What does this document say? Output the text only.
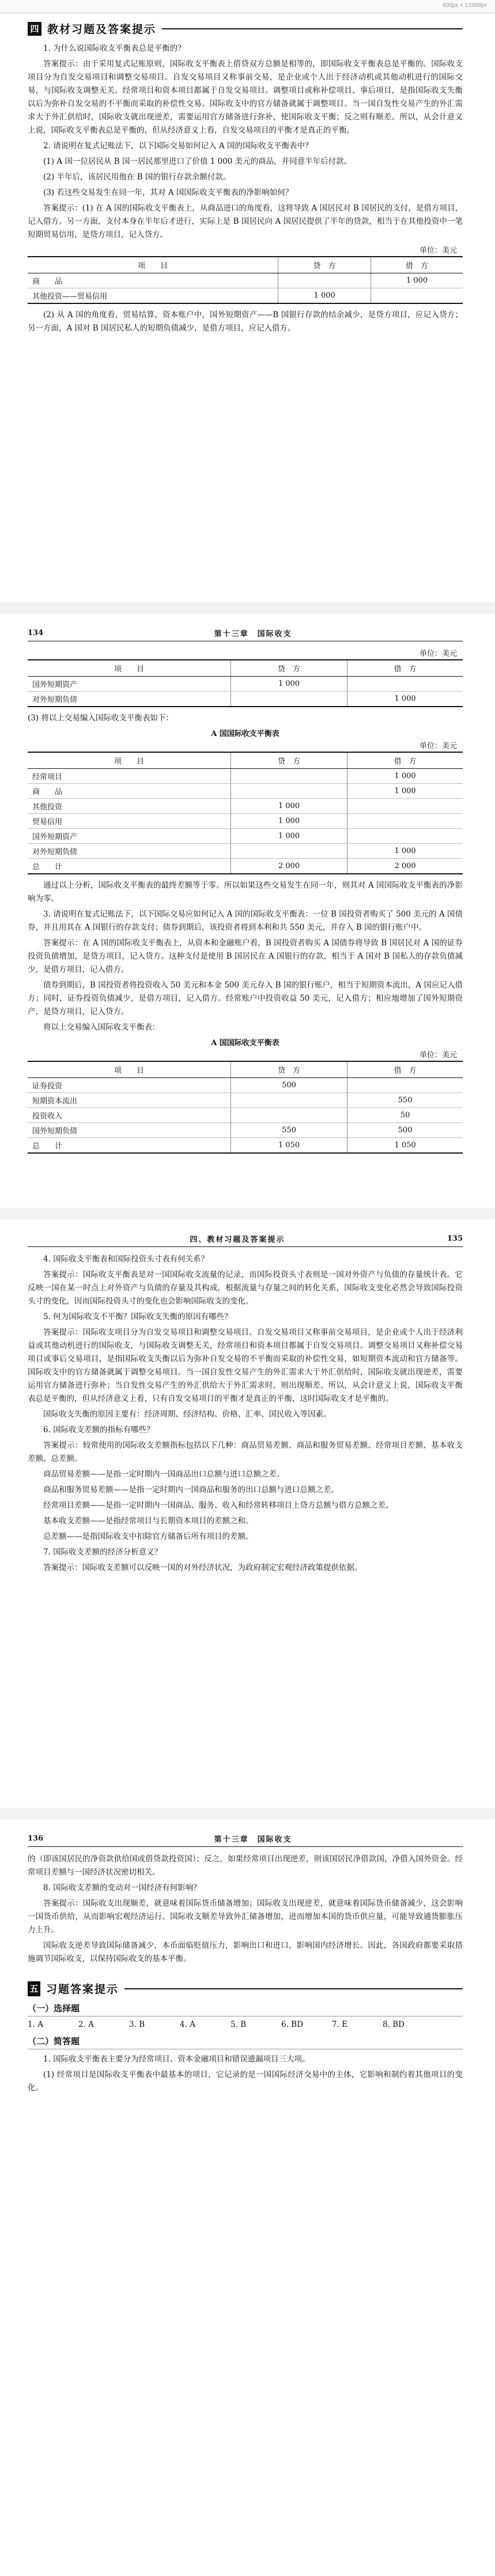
800px × 13399px
四 教材习题及答案提示

1. 为什么说国际收支平衡表总是平衡的？

答案提示：由于采用复式记账原则，国际收支平衡表上借贷双方总额是相等的，即国际收支平衡表总是平衡的。国际收支项目分为自发交易项目和调整交易项目。自发交易项目又称事前交易，是企业或个人出于经济动机或其他动机进行的国际交易，与国际收支调整无关。经常项目和资本项目都属于自发交易项目。调整项目或称补偿项目、事后项目，是指国际收支失衡以后为弥补自发交易的不平衡而采取的补偿性交易。国际收支中的官方储备就属于调整项目。当一国自发性交易产生的外汇需求大于外汇供给时，国际收支就出现逆差，需要运用官方储备进行弥补，使国际收支平衡；反之则有顺差。所以，从会计意义上说，国际收支平衡表总是平衡的，但从经济意义上看，自发交易项目的平衡才是真正的平衡。

2. 请说明在复式记账法下，以下国际交易如何记入 A 国的国际收支平衡表中？

(1) A 国一位居民从 B 国一居民那里进口了价值 1 000 美元的商品，并同意半年后付款。

(2) 半年后，该居民用他在 B 国的银行存款余额付款。

(3) 若这些交易发生在同一年，其对 A 国国际收支平衡表的净影响如何？

答案提示：(1) 在 A 国的国际收支平衡表上，从商品进口的角度看，这将导致 A 国居民对 B 国居民的支付，是借方项目，记入借方。另一方面，支付本身在半年后才进行，实际上是 B 国居民向 A 国居民提供了半年的贷款，相当于在其他投资中一笔短期贸易信用，是贷方项目，记入贷方。

单位：美元
项　　目	贷　方	借　方
商　　品		1 000
其他投资——贸易信用	1 000	

(2) 从 A 国的角度看，贸易结算，资本账户中，国外短期资产——B 国银行存款的结余减少，是贷方项目，应记入贷方；另一方面，A 国对 B 国居民私人的短期负债减少，是借方项目，应记入借方。

134	第十三章　国际收支
单位：美元
项　　目	贷　方	借　方
国外短期资产	1 000	
对外短期负债		1 000

(3) 将以上交易编入国际收支平衡表如下：

A 国国际收支平衡表
单位：美元
项　　目	贷　方	借　方
经常项目		1 000
商　　品		1 000
其他投资	1 000	
贸易信用	1 000	
国外短期资产	1 000	
对外短期负债		1 000
总　　计	2 000	2 000

通过以上分析，国际收支平衡表的最终差额等于零。所以如果这些交易发生在同一年，则其对 A 国国际收支平衡表的净影响为零。

3. 请说明在复式记账法下，以下国际交易应如何记入 A 国的国际收支平衡表：一位 B 国投资者购买了 500 美元的 A 国债券，并且用其在 A 国银行的存款支付；债券到期后，该投资者将到本利和共 550 美元，并存入 B 国的银行账户中。

答案提示：在 A 国的国际收支平衡表上，从资本和金融账户看，B 国投资者购买 A 国债券将导致 B 国居民对 A 国的证券投资负债增加，是贷方项目，记入贷方。这种支付是使用 B 国居民在 A 国银行的存款，相当于 A 国对 B 国私人的存款负债减少，是借方项目，记入借方。

债券到期后，B 国投资者将投资收入 50 美元和本金 500 美元存入 B 国的银行账户，相当于短期资本流出，A 国应记入借方；同时，证券投资负债减少，是借方项目，记入借方。经常账户中投资收益 50 美元，记入借方；相应地增加了国外短期资产，是贷方项目，记入贷方。

将以上交易编入国际收支平衡表：

A 国国际收支平衡表
单位：美元
项　　目	贷　方	借　方
证券投资	500	
短期资本流出		550
投资收入		50
国外短期负债	550	500
总　　计	1 050	1 050
四、教材习题及答案提示	135

4. 国际收支平衡表和国际投资头寸表有何关系？

答案提示：国际收支平衡表是对一国国际收支流量的记录，而国际投资头寸表则是一国对外资产与负债的存量统计表。它反映一国在某一时点上对外资产与负债的存量及其构成，根据流量与存量之间的转化关系，国际收支变化必然会导致国际投资头寸的变化，因而国际投资头寸的变化也会影响国际收支的变化。

5. 何为国际收支不平衡？国际收支失衡的原因有哪些？

答案提示：国际收支项目分为自发交易项目和调整交易项目。自发交易项目又称事前交易项目，是企业或个人出于经济利益或其他动机进行的国际收支，与国际收支调整无关，经常项目和资本项目都属于自发交易项目。调整交易项目又称补偿交易项目或事后交易项目，是指国际收支失衡以后为弥补自发交易的不平衡而采取的补偿性交易，如短期资本流动和官方储备等。国际收支中的官方储备就属于调整交易项目。当一国自发性交易产生的外汇需求大于外汇供给时，国际收支就出现逆差，需要运用官方储备进行弥补；当自发性交易产生的外汇供给大于外汇需求时，则出现顺差。所以，从会计意义上说，国际收支平衡表总是平衡的，但从经济意义上看，只有自发交易项目的平衡才是真正的平衡，这时国际收支才是平衡的。

国际收支失衡的原因主要有：经济周期、经济结构、价格、汇率、国民收入等因素。

6. 国际收支差额的指标有哪些？

答案提示：较常使用的国际收支差额指标包括以下几种：商品贸易差额、商品和服务贸易差额、经常项目差额、基本收支差额、总差额。

商品贸易差额——是指一定时期内一国商品出口总额与进口总额之差。

商品和服务贸易差额——是指一定时期内一国商品和服务的出口总额与进口总额之差。

经常项目差额——是指一定时期内一国商品、服务、收入和经常转移项目上贷方总额与借方总额之差。

基本收支差额——是指经常项目与长期资本项目的差额之和。

总差额——是指国际收支中扣除官方储备后所有项目的差额。

7. 国际收支差额的经济分析意义？

答案提示：国际收支差额可以反映一国的对外经济状况，为政府制定宏观经济政策提供依据。

136	第十三章　国际收支

的（即该国居民的净资款供给国或借贷款投资国）；反之，如果经常项目出现逆差，则该国居民净借款国，净借入国外资金。经常项目差额与一国经济状况密切相关。

8. 国际收支差额的变动对一国经济有何影响？

答案提示：国际收支出现顺差，就意味着国际货币储备增加；国际收支出现逆差，就意味着国际货币储备减少，这会影响一国货币供给，从而影响宏观经济运行。国际收支顺差导致外汇储备增加，进而增加本国的货币供应量，可能导致通货膨胀压力上升。

国际收支逆差导致国际储备减少，本币面临贬值压力，影响出口和进口，影响国内经济增长。因此，各国政府都要采取措施调节国际收支，以保持国际收支的基本平衡。

五 习题答案提示
（一）选择题
1. A	2. A	3. B	4. A	5. B	6. BD	7. E	8. BD
（二）简答题

1. 国际收支平衡表主要分为经常项目、资本金融项目和错误遗漏项目三大项。

(1) 经常项目是国际收支平衡表中最基本的项目，它记录的是一国国际经济交易中的主体，它影响和制约着其他项目的变化。
